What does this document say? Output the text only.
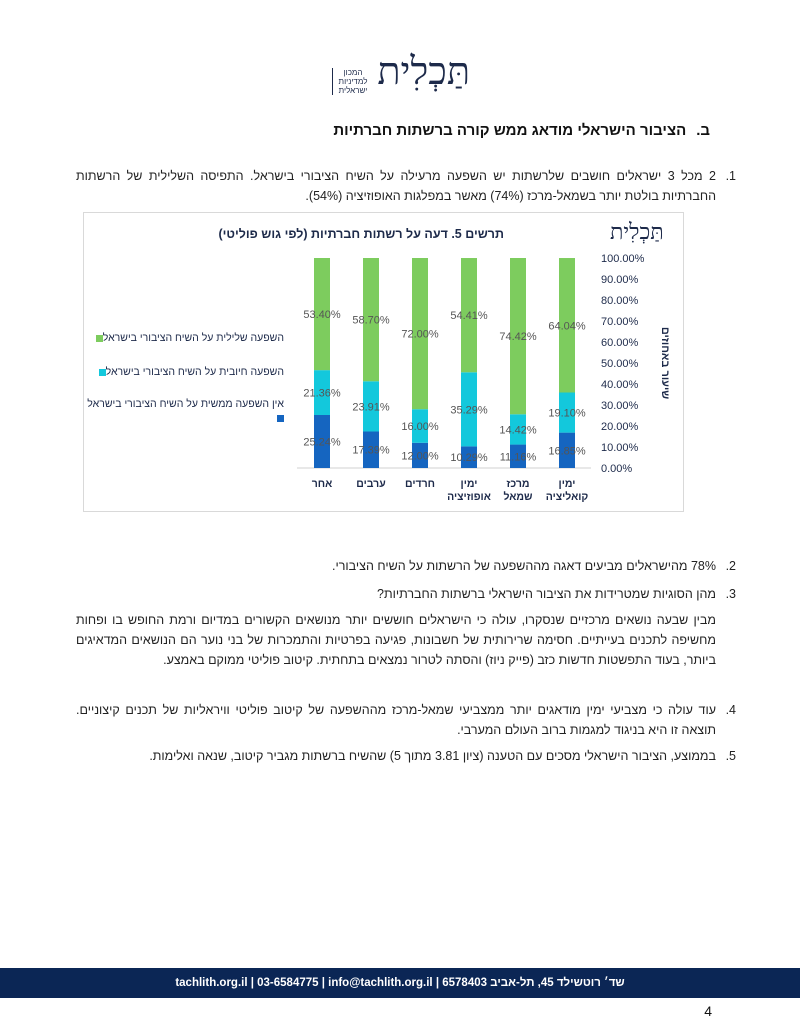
תַּכְלִית
המכון למדיניות ישראלית
ב.הציבור הישראלי מודאג ממש קורה ברשתות חברתיות
1.
2 מכל 3 ישראלים חושבים שלרשתות יש השפעה מרעילה על השיח הציבורי בישראל. התפיסה השלילית של הרשתות החברתיות בולטת יותר בשמאל-מרכז (74%) מאשר במפלגות האופוזיציה (54%).
תרשים 5. דעה על רשתות חברתיות (לפי גוש פוליטי)	תַּכְלִית
השפעה שלילית על השיח הציבורי בישראל
השפעה חיובית על השיח הציבורי בישראל
אין השפעה ממשית על השיח הציבורי בישראל
16.85%
19.10%
64.04%
11.16%
14.42%
74.42%
10.29%
35.29%
54.41%
12.00%
16.00%
72.00%
17.39%
23.91%
58.70%
25.24%
21.36%
53.40%
0.00%
10.00%
20.00%
30.00%
40.00%
50.00%
60.00%
70.00%
80.00%
90.00%
100.00%
ימין קואליציה
מרכז שמאל
ימין אופוזיציה
חרדים
ערבים
אחר
שיעור באחוזים
2.
78% מהישראלים מביעים דאגה מההשפעה של הרשתות על השיח הציבורי.
3.
מהן הסוגיות שמטרידות את הציבור הישראלי ברשתות החברתיות?
מבין שבעה נושאים מרכזיים שנסקרו, עולה כי הישראלים חוששים יותר מנושאים הקשורים במדיום ורמת החופש בו ופחות מחשיפה לתכנים בעייתיים. חסימה שרירותית של חשבונות, פגיעה בפרטיות והתמכרות של בני נוער הם הנושאים המדאיגים ביותר, בעוד התפשטות חדשות כזב (פייק ניוז) והסתה לטרור נמצאים בתחתית. קיטוב פוליטי ממוקם באמצע.
4.
עוד עולה כי מצביעי ימין מודאגים יותר ממצביעי שמאל-מרכז מההשפעה של קיטוב פוליטי וויראליות של תכנים קיצוניים. תוצאה זו היא בניגוד למגמות ברוב העולם המערבי.
5.
בממוצע, הציבור הישראלי מסכים עם הטענה (ציון 3.81 מתוך 5) שהשיח ברשתות מגביר קיטוב, שנאה ואלימות.
שד׳ רוטשילד 45, תל-אביב 6578403 | tachlith.org.il | 03-6584775 | info@tachlith.org.il
4
